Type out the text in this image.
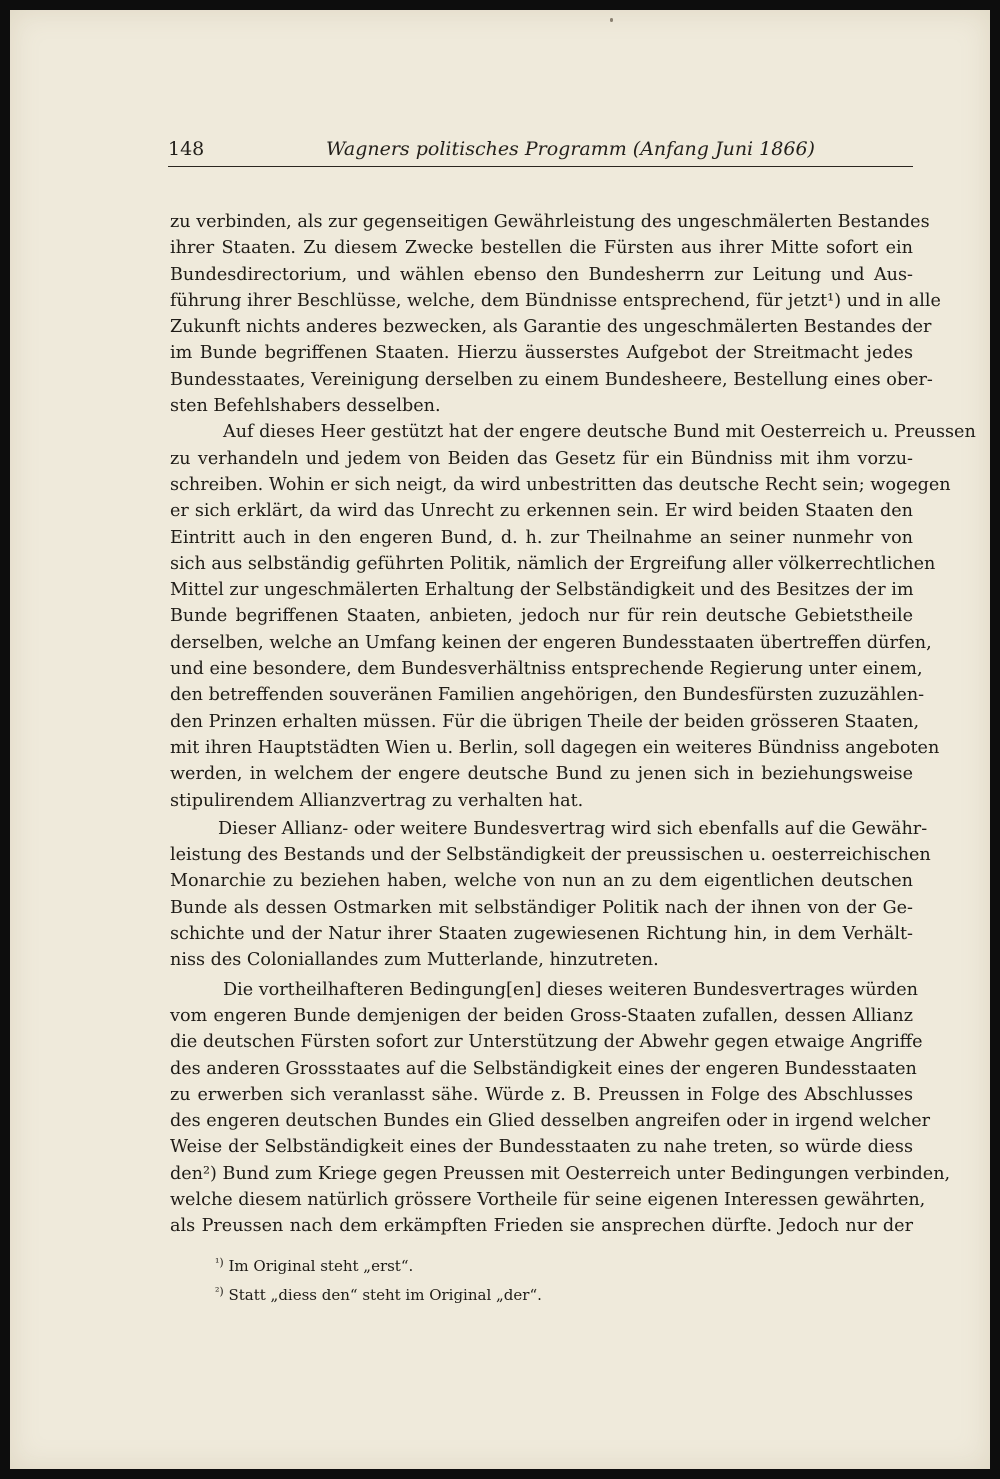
148	Wagners politisches Programm (Anfang Juni 1866)
zu verbinden, als zur gegenseitigen Gewährleistung des ungeschmälerten Bestandes
ihrer Staaten. Zu diesem Zwecke bestellen die Fürsten aus ihrer Mitte sofort ein
Bundesdirectorium, und wählen ebenso den Bundesherrn zur Leitung und Aus-
führung ihrer Beschlüsse, welche, dem Bündnisse entsprechend, für jetzt¹) und in alle
Zukunft nichts anderes bezwecken, als Garantie des ungeschmälerten Bestandes der
im Bunde begriffenen Staaten. Hierzu äusserstes Aufgebot der Streitmacht jedes
Bundesstaates, Vereinigung derselben zu einem Bundesheere, Bestellung eines ober-
sten Befehlshabers desselben.
Auf dieses Heer gestützt hat der engere deutsche Bund mit Oesterreich u. Preussen
zu verhandeln und jedem von Beiden das Gesetz für ein Bündniss mit ihm vorzu-
schreiben. Wohin er sich neigt, da wird unbestritten das deutsche Recht sein; wogegen
er sich erklärt, da wird das Unrecht zu erkennen sein. Er wird beiden Staaten den
Eintritt auch in den engeren Bund, d. h. zur Theilnahme an seiner nunmehr von
sich aus selbständig geführten Politik, nämlich der Ergreifung aller völkerrechtlichen
Mittel zur ungeschmälerten Erhaltung der Selbständigkeit und des Besitzes der im
Bunde begriffenen Staaten, anbieten, jedoch nur für rein deutsche Gebietstheile
derselben, welche an Umfang keinen der engeren Bundesstaaten übertreffen dürfen,
und eine besondere, dem Bundesverhältniss entsprechende Regierung unter einem,
den betreffenden souveränen Familien angehörigen, den Bundesfürsten zuzuzählen-
den Prinzen erhalten müssen. Für die übrigen Theile der beiden grösseren Staaten,
mit ihren Hauptstädten Wien u. Berlin, soll dagegen ein weiteres Bündniss angeboten
werden, in welchem der engere deutsche Bund zu jenen sich in beziehungsweise
stipulirendem Allianzvertrag zu verhalten hat.
Dieser Allianz- oder weitere Bundesvertrag wird sich ebenfalls auf die Gewähr-
leistung des Bestands und der Selbständigkeit der preussischen u. oesterreichischen
Monarchie zu beziehen haben, welche von nun an zu dem eigentlichen deutschen
Bunde als dessen Ostmarken mit selbständiger Politik nach der ihnen von der Ge-
schichte und der Natur ihrer Staaten zugewiesenen Richtung hin, in dem Verhält-
niss des Coloniallandes zum Mutterlande, hinzutreten.
Die vortheilhafteren Bedingung[en] dieses weiteren Bundesvertrages würden
vom engeren Bunde demjenigen der beiden Gross-Staaten zufallen, dessen Allianz
die deutschen Fürsten sofort zur Unterstützung der Abwehr gegen etwaige Angriffe
des anderen Grossstaates auf die Selbständigkeit eines der engeren Bundesstaaten
zu erwerben sich veranlasst sähe. Würde z. B. Preussen in Folge des Abschlusses
des engeren deutschen Bundes ein Glied desselben angreifen oder in irgend welcher
Weise der Selbständigkeit eines der Bundesstaaten zu nahe treten, so würde diess
den²) Bund zum Kriege gegen Preussen mit Oesterreich unter Bedingungen verbinden,
welche diesem natürlich grössere Vortheile für seine eigenen Interessen gewährten,
als Preussen nach dem erkämpften Frieden sie ansprechen dürfte. Jedoch nur der
$^{^1)}$ Im Original steht „erst“.
$^{^2)}$ Statt „diess den“ steht im Original „der“.
